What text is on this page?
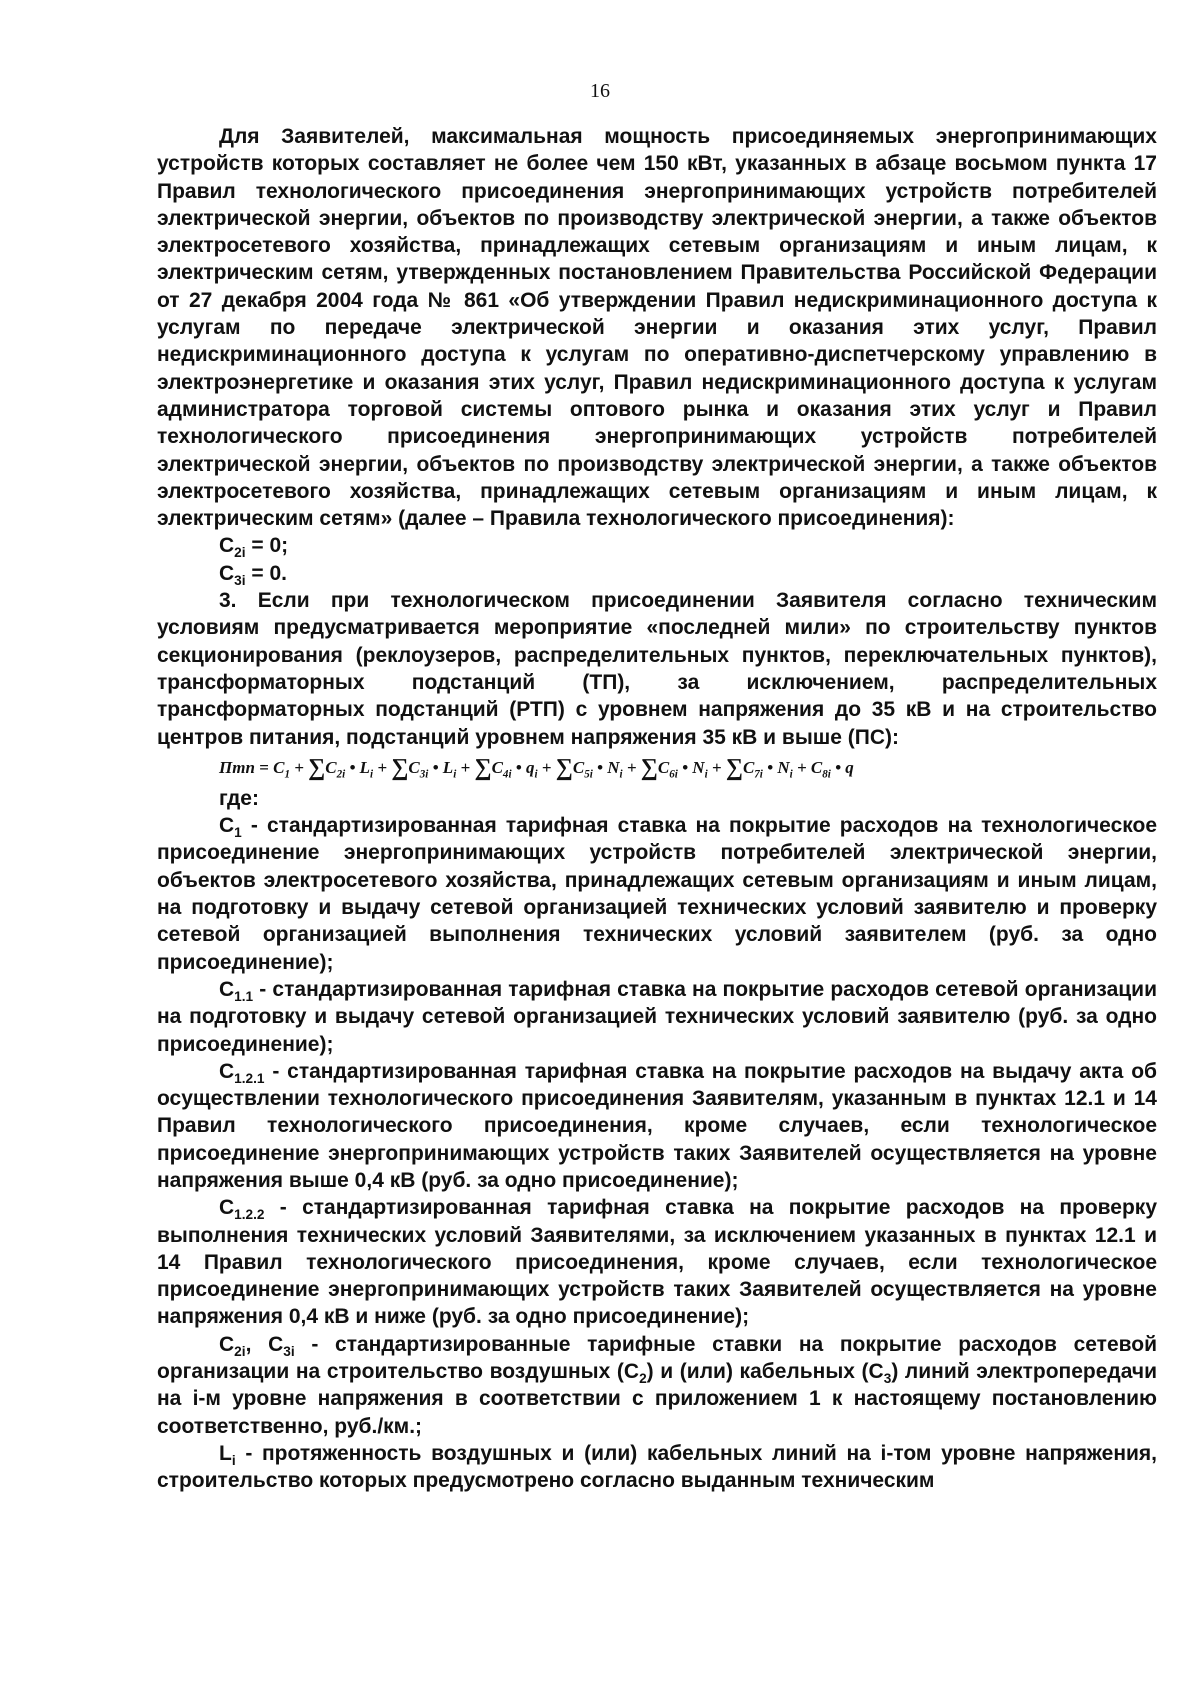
16

Для Заявителей, максимальная мощность присоединяемых энергопринимающих устройств которых составляет не более чем 150 кВт, указанных в абзаце восьмом пункта 17 Правил технологического присоединения энергопринимающих устройств потребителей электрической энергии, объектов по производству электрической энергии, а также объектов электросетевого хозяйства, принадлежащих сетевым организациям и иным лицам, к электрическим сетям, утвержденных постановлением Правительства Российской Федерации от 27 декабря 2004 года № 861 «Об утверждении Правил недискриминационного доступа к услугам по передаче электрической энергии и оказания этих услуг, Правил недискриминационного доступа к услугам по оперативно-диспетчерскому управлению в электроэнергетике и оказания этих услуг, Правил недискриминационного доступа к услугам администратора торговой системы оптового рынка и оказания этих услуг и Правил технологического присоединения энергопринимающих устройств потребителей электрической энергии, объектов по производству электрической энергии, а также объектов электросетевого хозяйства, принадлежащих сетевым организациям и иным лицам, к электрическим сетям» (далее – Правила технологического присоединения):

$C_{2i} = 0$;

$C_{3i} = 0$.

3. Если при технологическом присоединении Заявителя согласно техническим условиям предусматривается мероприятие «последней мили» по строительству пунктов секционирования (реклоузеров, распределительных пунктов, переключательных пунктов), трансформаторных подстанций (ТП), за исключением, распределительных трансформаторных подстанций (РТП) с уровнем напряжения до 35 кВ и на строительство центров питания, подстанций уровнем напряжения 35 кВ и выше (ПС):

Птп = $C_1 + \sum C_{2i}$ • $L_i + \sum C_{3i}$ • $L_i + \sum C_{4i}$ • $q_i + \sum C_{5i}$ • $N_i + \sum C_{6i}$ • $N_i + \sum C_{7i}$ • $N_i + C_{8i}$ • q

где:

$C_1$ - стандартизированная тарифная ставка на покрытие расходов на технологическое присоединение энергопринимающих устройств потребителей электрической энергии, объектов электросетевого хозяйства, принадлежащих сетевым организациям и иным лицам, на подготовку и выдачу сетевой организацией технических условий заявителю и проверку сетевой организацией выполнения технических условий заявителем (руб. за одно присоединение);

$C_{1.1}$ - стандартизированная тарифная ставка на покрытие расходов сетевой организации на подготовку и выдачу сетевой организацией технических условий заявителю (руб. за одно присоединение);

$C_{1.2.1}$ - стандартизированная тарифная ставка на покрытие расходов на выдачу акта об осуществлении технологического присоединения Заявителям, указанным в пунктах 12.1 и 14 Правил технологического присоединения, кроме случаев, если технологическое присоединение энергопринимающих устройств таких Заявителей осуществляется на уровне напряжения выше 0,4 кВ (руб. за одно присоединение);

$C_{1.2.2}$ - стандартизированная тарифная ставка на покрытие расходов на проверку выполнения технических условий Заявителями, за исключением указанных в пунктах 12.1 и 14 Правил технологического присоединения, кроме случаев, если технологическое присоединение энергопринимающих устройств таких Заявителей осуществляется на уровне напряжения 0,4 кВ и ниже (руб. за одно присоединение);

$C_{2i}$, $C_{3i}$ - стандартизированные тарифные ставки на покрытие расходов сетевой организации на строительство воздушных $(C_2)$ и (или) кабельных $(C_3)$ линий электропередачи на i-м уровне напряжения в соответствии с приложением 1 к настоящему постановлению соответственно, руб./км.;

$L_i$ - протяженность воздушных и (или) кабельных линий на i-том уровне напряжения, строительство которых предусмотрено согласно выданным техническим
